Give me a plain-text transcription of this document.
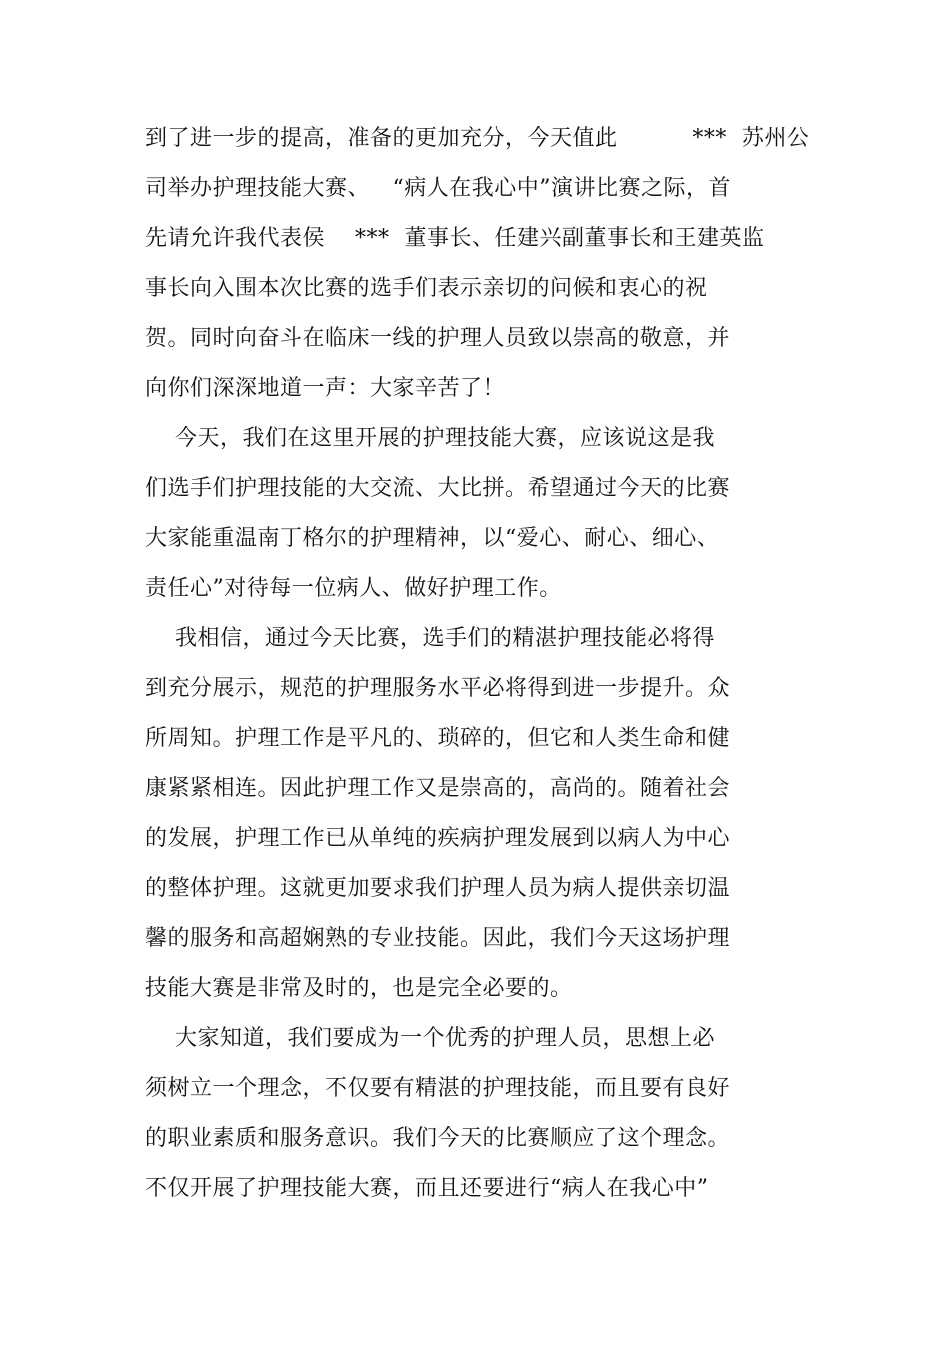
到了进一步的提高，准备的更加充分，今天值此          ***  苏州公
司举办护理技能大赛、   “病人在我心中”演讲比赛之际，首
先请允许我代表侯    ***  董事长、任建兴副董事长和王建英监
事长向入围本次比赛的选手们表示亲切的问候和衷心的祝
贺。同时向奋斗在临床一线的护理人员致以崇高的敬意，并
向你们深深地道一声：大家辛苦了！
今天，我们在这里开展的护理技能大赛，应该说这是我
们选手们护理技能的大交流、大比拼。希望通过今天的比赛
大家能重温南丁格尔的护理精神，以“爱心、耐心、细心、
责任心”对待每一位病人、做好护理工作。
我相信，通过今天比赛，选手们的精湛护理技能必将得
到充分展示，规范的护理服务水平必将得到进一步提升。众
所周知。护理工作是平凡的、琐碎的，但它和人类生命和健
康紧紧相连。因此护理工作又是崇高的，高尚的。随着社会
的发展，护理工作已从单纯的疾病护理发展到以病人为中心
的整体护理。这就更加要求我们护理人员为病人提供亲切温
馨的服务和高超娴熟的专业技能。因此，我们今天这场护理
技能大赛是非常及时的，也是完全必要的。
大家知道，我们要成为一个优秀的护理人员，思想上必
须树立一个理念，不仅要有精湛的护理技能，而且要有良好
的职业素质和服务意识。我们今天的比赛顺应了这个理念。
不仅开展了护理技能大赛，而且还要进行“病人在我心中”
